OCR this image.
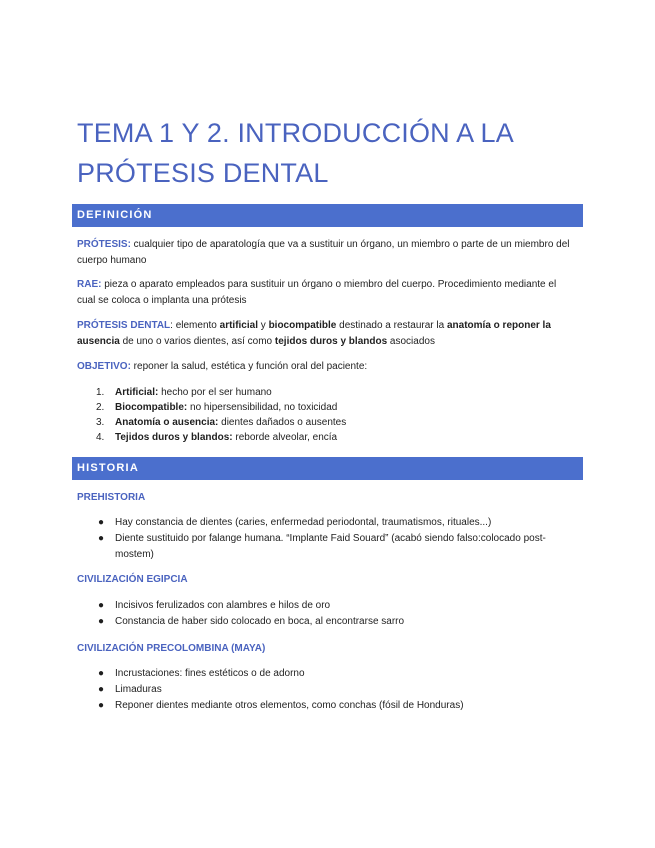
TEMA 1 Y 2. INTRODUCCIÓN A LA
PRÓTESIS DENTAL
DEFINICIÓN
PRÓTESIS: cualquier tipo de aparatología que va a sustituir un órgano, un miembro o parte de un miembro del cuerpo humano
RAE: pieza o aparato empleados para sustituir un órgano o miembro del cuerpo. Procedimiento mediante el cual se coloca o implanta una prótesis
PRÓTESIS DENTAL: elemento artificial y biocompatible destinado a restaurar la anatomía o reponer la ausencia de uno o varios dientes, así como tejidos duros y blandos asociados
OBJETIVO: reponer la salud, estética y función oral del paciente:
1. Artificial: hecho por el ser humano
2. Biocompatible: no hipersensibilidad, no toxicidad
3. Anatomía o ausencia: dientes dañados o ausentes
4. Tejidos duros y blandos: reborde alveolar, encía
HISTORIA
PREHISTORIA
● Hay constancia de dientes (caries, enfermedad periodontal, traumatismos, rituales...)
● Diente sustituido por falange humana. “Implante Faid Souard” (acabó siendo falso:colocado post-mostem)
CIVILIZACIÓN EGIPCIA
● Incisivos ferulizados con alambres e hilos de oro
● Constancia de haber sido colocado en boca, al encontrarse sarro
CIVILIZACIÓN PRECOLOMBINA (MAYA)
● Incrustaciones: fines estéticos o de adorno
● Limaduras
● Reponer dientes mediante otros elementos, como conchas (fósil de Honduras)
